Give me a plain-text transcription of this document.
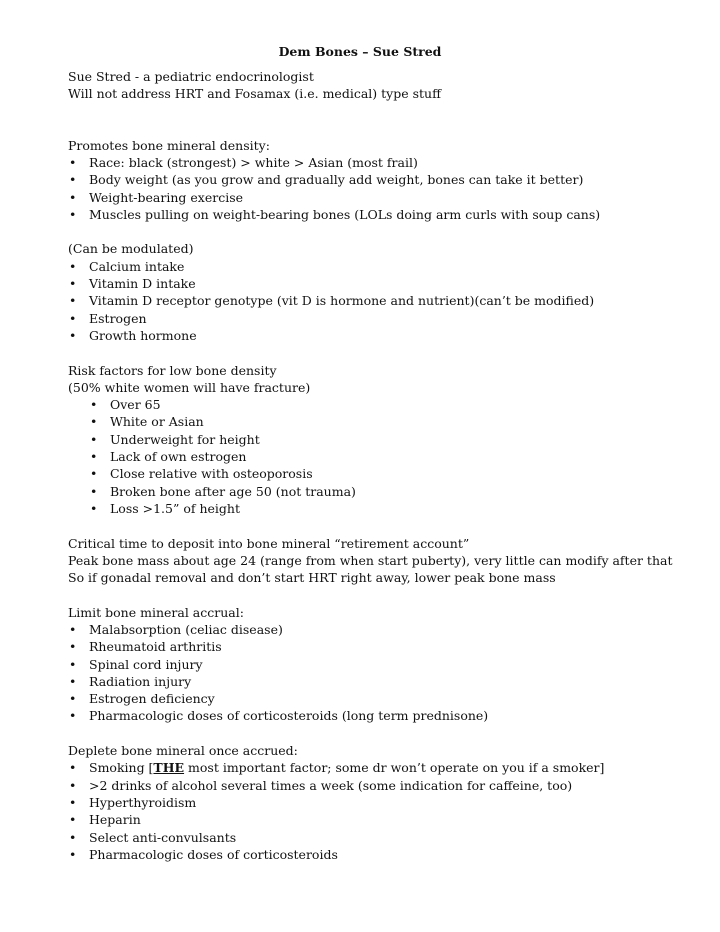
Dem Bones – Sue Stred
Sue Stred - a pediatric endocrinologist
Will not address HRT and Fosamax (i.e. medical) type stuff
Promotes bone mineral density:
• Race: black (strongest) > white > Asian (most frail)
• Body weight (as you grow and gradually add weight, bones can take it better)
• Weight-bearing exercise
• Muscles pulling on weight-bearing bones (LOLs doing arm curls with soup cans)
(Can be modulated)
• Calcium intake
• Vitamin D intake
• Vitamin D receptor genotype (vit D is hormone and nutrient)(can’t be modified)
• Estrogen
• Growth hormone
Risk factors for low bone density
(50% white women will have fracture)
• Over 65
• White or Asian
• Underweight for height
• Lack of own estrogen
• Close relative with osteoporosis
• Broken bone after age 50 (not trauma)
• Loss >1.5” of height
Critical time to deposit into bone mineral “retirement account”
Peak bone mass about age 24 (range from when start puberty), very little can modify after that
So if gonadal removal and don’t start HRT right away, lower peak bone mass
Limit bone mineral accrual:
• Malabsorption (celiac disease)
• Rheumatoid arthritis
• Spinal cord injury
• Radiation injury
• Estrogen deficiency
• Pharmacologic doses of corticosteroids (long term prednisone)
Deplete bone mineral once accrued:
• Smoking [THE most important factor; some dr won’t operate on you if a smoker]
• >2 drinks of alcohol several times a week (some indication for caffeine, too)
• Hyperthyroidism
• Heparin
• Select anti-convulsants
• Pharmacologic doses of corticosteroids
